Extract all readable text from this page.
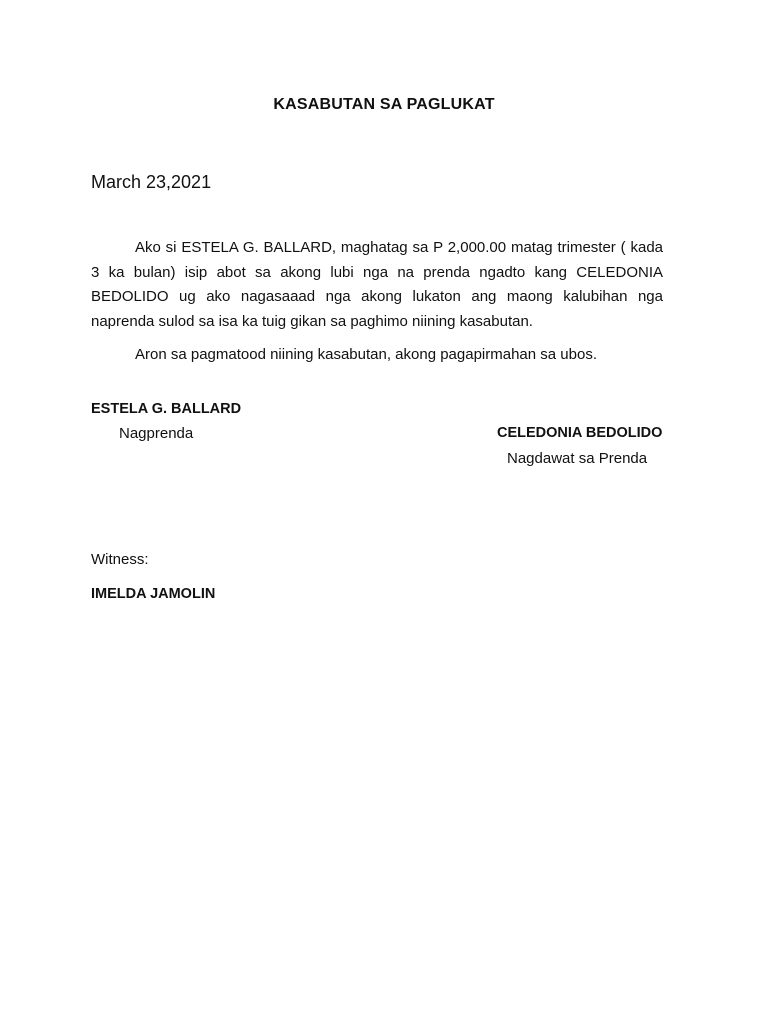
KASABUTAN SA PAGLUKAT
March 23,2021

Ako si ESTELA G. BALLARD, maghatag sa P 2,000.00 matag trimester ( kada 3 ka bulan) isip abot sa akong lubi nga na prenda ngadto kang CELEDONIA BEDOLIDO ug ako nagasaaad nga akong lukaton ang maong kalubihan nga naprenda sulod sa isa ka tuig gikan sa paghimo niining kasabutan.

Aron sa pagmatood niining kasabutan, akong pagapirmahan sa ubos.

ESTELA G. BALLARD
Nagprenda	CELEDONIA BEDOLIDO
Nagdawat sa Prenda
Witness:
IMELDA JAMOLIN
